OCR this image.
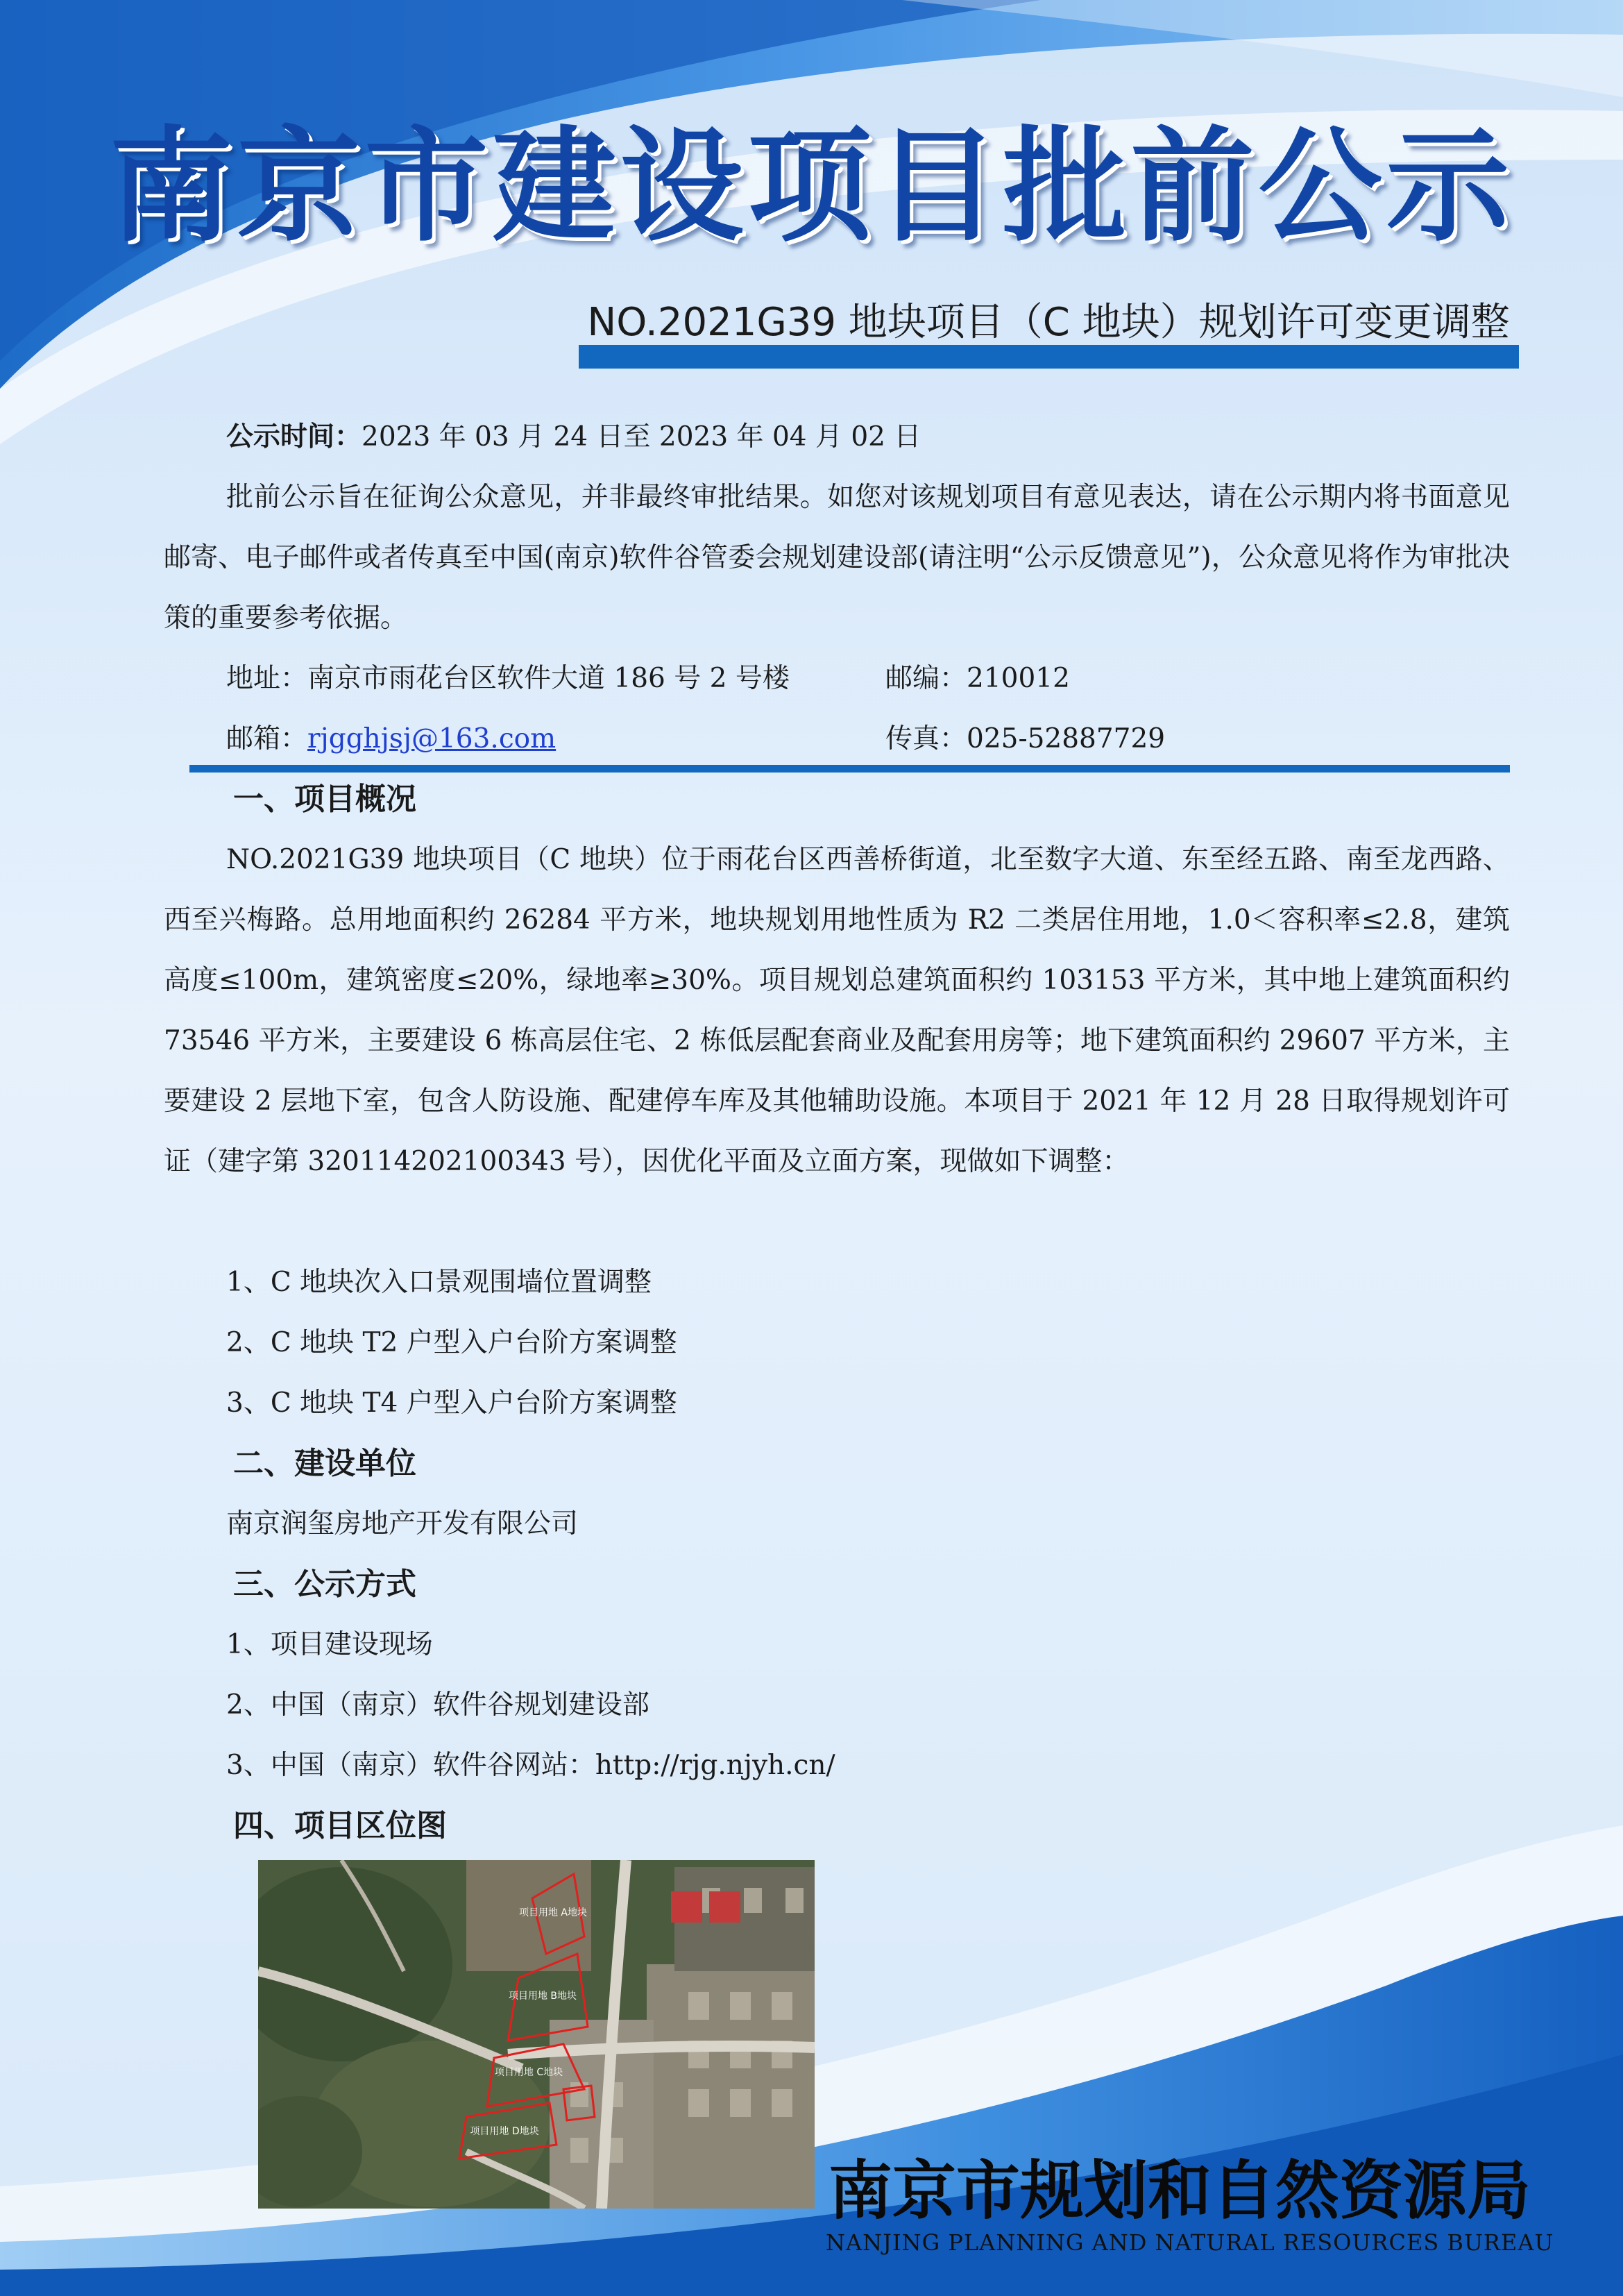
南京市建设项目批前公示
NO.2021G39 地块项目（C 地块）规划许可变更调整
公示时间：2023 年 03 月 24 日至 2023 年 04 月 02 日
批前公示旨在征询公众意见，并非最终审批结果。如您对该规划项目有意见表达，请在公示期内将书面意见邮寄、电子邮件或者传真至中国(南京)软件谷管委会规划建设部(请注明“公示反馈意见”)，公众意见将作为审批决策的重要参考依据。
地址：南京市雨花台区软件大道 186 号 2 号楼	邮编：210012
邮箱：rjgghjsj@163.com	传真：025-52887729
一、项目概况
NO.2021G39 地块项目（C 地块）位于雨花台区西善桥街道，北至数字大道、东至经五路、南至龙西路、西至兴梅路。总用地面积约 26284 平方米，地块规划用地性质为 R2 二类居住用地，1.0＜容积率≤2.8，建筑高度≤100m，建筑密度≤20%，绿地率≥30%。项目规划总建筑面积约 103153 平方米，其中地上建筑面积约 73546 平方米，主要建设 6 栋高层住宅、2 栋低层配套商业及配套用房等；地下建筑面积约 29607 平方米，主要建设 2 层地下室，包含人防设施、配建停车库及其他辅助设施。本项目于 2021 年 12 月 28 日取得规划许可证（建字第 320114202100343 号），因优化平面及立面方案，现做如下调整：
1、C 地块次入口景观围墙位置调整
2、C 地块 T2 户型入户台阶方案调整
3、C 地块 T4 户型入户台阶方案调整
二、建设单位
南京润玺房地产开发有限公司
三、公示方式
1、项目建设现场
2、中国（南京）软件谷规划建设部
3、中国（南京）软件谷网站：http://rjg.njyh.cn/
四、项目区位图
项目用地 A地块
项目用地 B地块
项目用地 C地块
项目用地 D地块
南京市规划和自然资源局
NANJING PLANNING AND NATURAL RESOURCES BUREAU
